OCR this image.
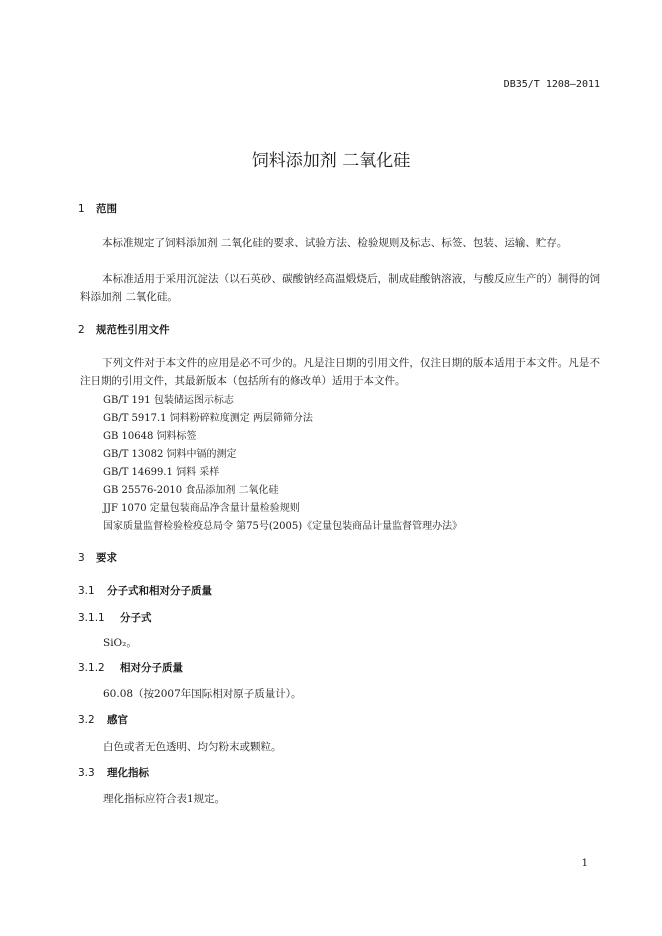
DB35/T 1208—2011
饲料添加剂 二氧化硅
1 范围
本标准规定了饲料添加剂 二氧化硅的要求、试验方法、检验规则及标志、标签、包装、运输、贮存。
本标准适用于采用沉淀法（以石英砂、碳酸钠经高温煅烧后，制成硅酸钠溶液，与酸反应生产的）制得的饲料添加剂 二氧化硅。
2 规范性引用文件
下列文件对于本文件的应用是必不可少的。凡是注日期的引用文件，仅注日期的版本适用于本文件。凡是不注日期的引用文件，其最新版本（包括所有的修改单）适用于本文件。
GB/T 191 包装储运图示标志
GB/T 5917.1 饲料粉碎粒度测定 两层筛筛分法
GB 10648 饲料标签
GB/T 13082 饲料中镉的测定
GB/T 14699.1 饲料 采样
GB 25576-2010 食品添加剂 二氧化硅
JJF 1070 定量包装商品净含量计量检验规则
国家质量监督检验检疫总局令 第75号(2005)《定量包装商品计量监督管理办法》
3 要求
3.1 分子式和相对分子质量
3.1.1 分子式
SiO₂。
3.1.2 相对分子质量
60.08（按2007年国际相对原子质量计）。
3.2 感官
白色或者无色透明、均匀粉末或颗粒。
3.3 理化指标
理化指标应符合表1规定。
1
